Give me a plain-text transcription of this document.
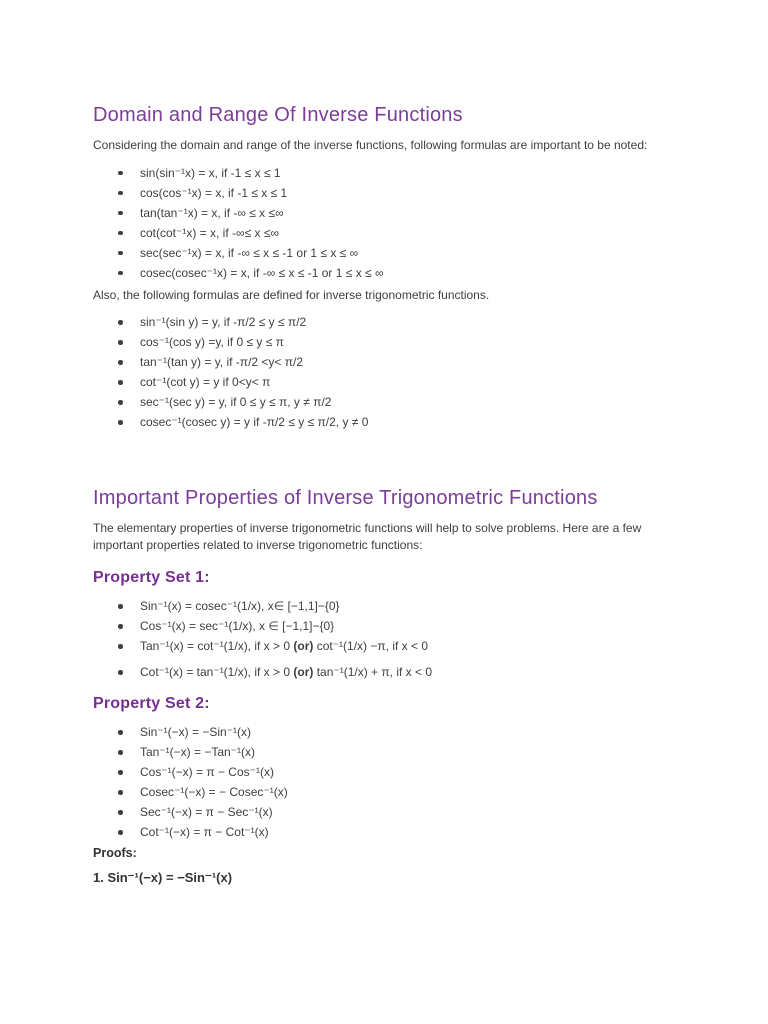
Domain and Range Of Inverse Functions

Considering the domain and range of the inverse functions, following formulas are important to be noted:

sin(sin⁻¹x) = x, if -1 ≤ x ≤ 1
cos(cos⁻¹x) = x, if -1 ≤ x ≤ 1
tan(tan⁻¹x) = x, if -∞ ≤ x ≤∞
cot(cot⁻¹x) = x, if -∞≤ x ≤∞
sec(sec⁻¹x) = x, if -∞ ≤ x ≤ -1 or 1 ≤ x ≤ ∞
cosec(cosec⁻¹x) = x, if -∞ ≤ x ≤ -1 or 1 ≤ x ≤ ∞

Also, the following formulas are defined for inverse trigonometric functions.

sin⁻¹(sin y) = y, if -π/2 ≤ y ≤ π/2
cos⁻¹(cos y) =y, if 0 ≤ y ≤ π
tan⁻¹(tan y) = y, if -π/2 <y< π/2
cot⁻¹(cot y) = y if 0<y< π
sec⁻¹(sec y) = y, if 0 ≤ y ≤ π, y ≠ π/2
cosec⁻¹(cosec y) = y if -π/2 ≤ y ≤ π/2, y ≠ 0
Important Properties of Inverse Trigonometric Functions

The elementary properties of inverse trigonometric functions will help to solve problems. Here are a few important properties related to inverse trigonometric functions:

Property Set 1:
Sin⁻¹(x) = cosec⁻¹(1/x), x∈ [−1,1]−{0}
Cos⁻¹(x) = sec⁻¹(1/x), x ∈ [−1,1]−{0}
Tan⁻¹(x) = cot⁻¹(1/x), if x > 0 (or) cot⁻¹(1/x) −π, if x < 0
Cot⁻¹(x) = tan⁻¹(1/x), if x > 0 (or) tan⁻¹(1/x) + π, if x < 0
Property Set 2:
Sin⁻¹(−x) = −Sin⁻¹(x)
Tan⁻¹(−x) = −Tan⁻¹(x)
Cos⁻¹(−x) = π − Cos⁻¹(x)
Cosec⁻¹(−x) = − Cosec⁻¹(x)
Sec⁻¹(−x) = π − Sec⁻¹(x)
Cot⁻¹(−x) = π − Cot⁻¹(x)

Proofs:

1. Sin⁻¹(−x) = −Sin⁻¹(x)
